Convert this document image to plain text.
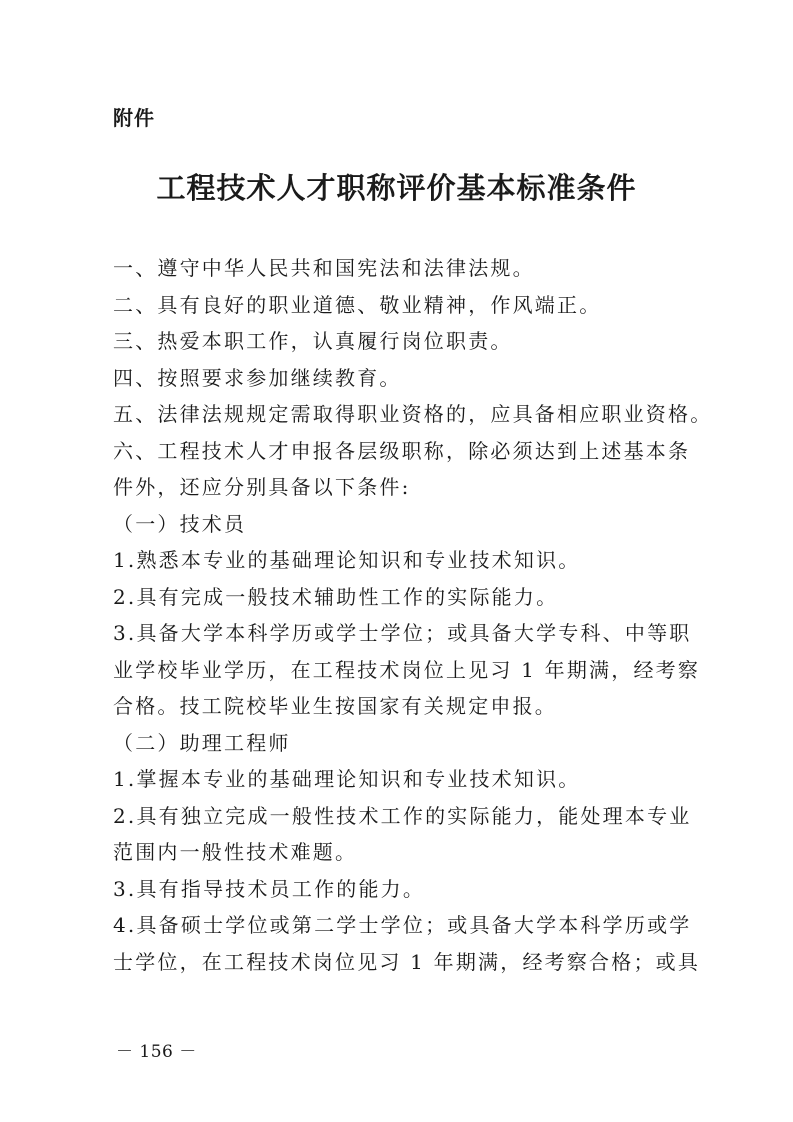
附件
工程技术人才职称评价基本标准条件
一、遵守中华人民共和国宪法和法律法规。
二、具有良好的职业道德、敬业精神，作风端正。
三、热爱本职工作，认真履行岗位职责。
四、按照要求参加继续教育。
五、法律法规规定需取得职业资格的，应具备相应职业资格。
六、工程技术人才申报各层级职称，除必须达到上述基本条
件外，还应分别具备以下条件:
（一）技术员
1.熟悉本专业的基础理论知识和专业技术知识。
2.具有完成一般技术辅助性工作的实际能力。
3.具备大学本科学历或学士学位；或具备大学专科、中等职
业学校毕业学历，在工程技术岗位上见习 1 年期满，经考察
合格。技工院校毕业生按国家有关规定申报。
（二）助理工程师
1.掌握本专业的基础理论知识和专业技术知识。
2.具有独立完成一般性技术工作的实际能力，能处理本专业
范围内一般性技术难题。
3.具有指导技术员工作的能力。
4.具备硕士学位或第二学士学位；或具备大学本科学历或学
士学位，在工程技术岗位见习 1 年期满，经考察合格；或具
－ 156 －
